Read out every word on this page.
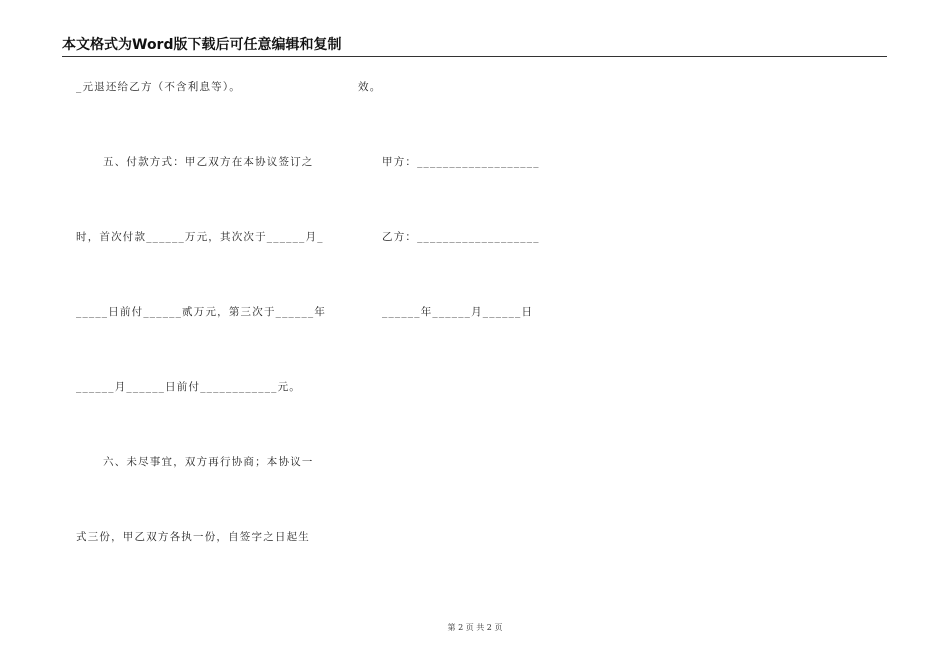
本文格式为Word版下载后可任意编辑和复制
_元退还给乙方（不含利息等）。
五、付款方式：甲乙双方在本协议签订之
时，首次付款______万元，其次次于______月_
_____日前付______贰万元，第三次于______年
______月______日前付____________元。
六、未尽事宜，双方再行协商；本协议一
式三份，甲乙双方各执一份，自签字之日起生
效。
甲方：___________________
乙方：___________________
______年______月______日
第 2 页 共 2 页
